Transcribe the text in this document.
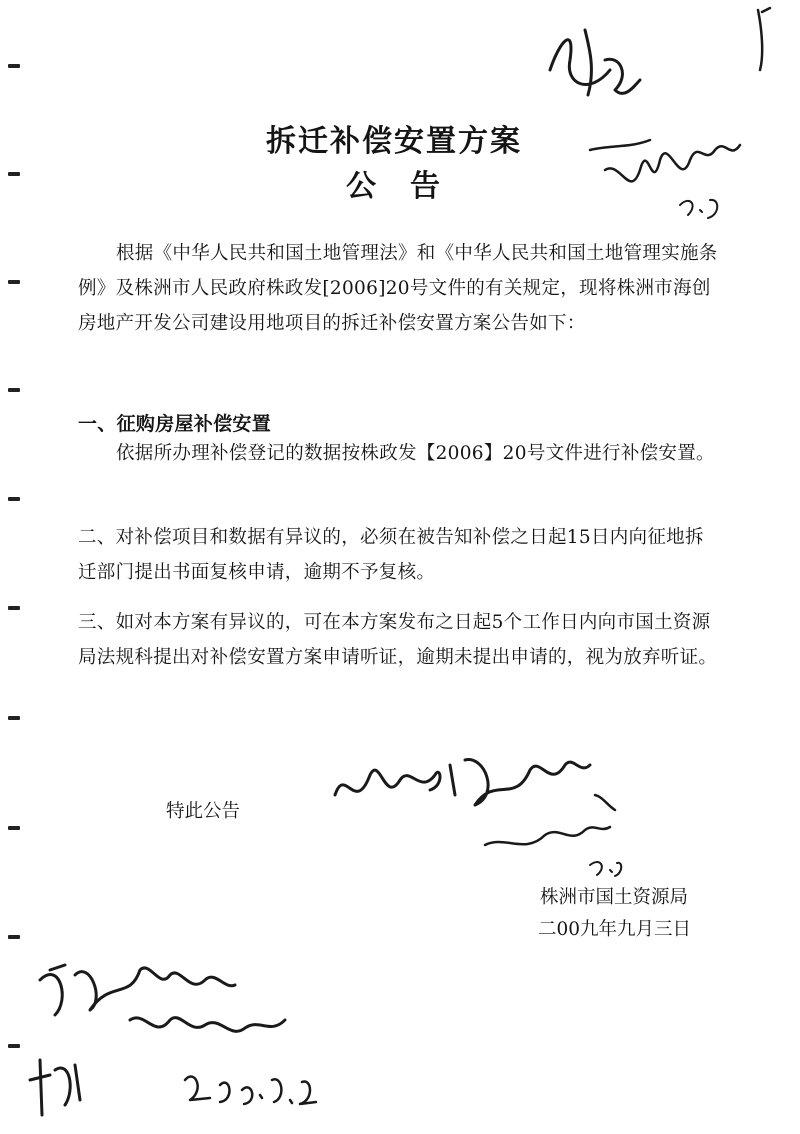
拆迁补偿安置方案
公告

根据《中华人民共和国土地管理法》和《中华人民共和国土地管理实施条例》及株洲市人民政府株政发[2006]20号文件的有关规定，现将株洲市海创房地产开发公司建设用地项目的拆迁补偿安置方案公告如下：

一、征购房屋补偿安置

依据所办理补偿登记的数据按株政发【2006】20号文件进行补偿安置。

二、对补偿项目和数据有异议的，必须在被告知补偿之日起15日内向征地拆迁部门提出书面复核申请，逾期不予复核。

三、如对本方案有异议的，可在本方案发布之日起5个工作日内向市国土资源局法规科提出对补偿安置方案申请听证，逾期未提出申请的，视为放弃听证。

特此公告

株洲市国土资源局

二00九年九月三日
